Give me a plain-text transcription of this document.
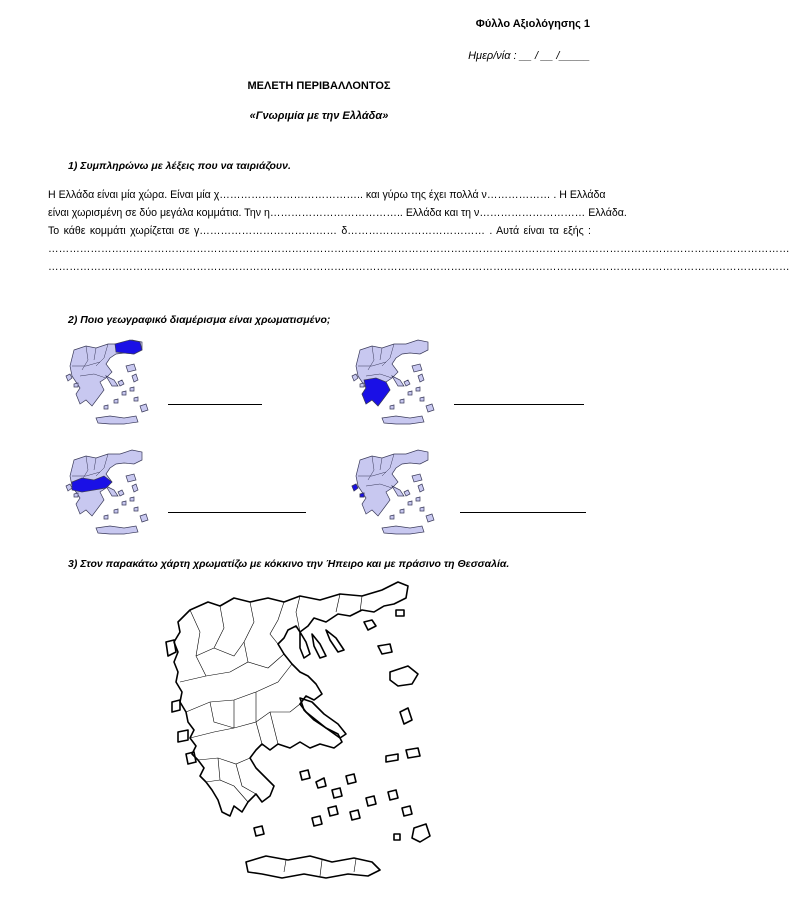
Φύλλο Αξιολόγησης 1
Ημερ/νία : __ / __ /_____
ΜΕΛΕΤΗ ΠΕΡΙΒΑΛΛΟΝΤΟΣ
«Γνωριμία με την Ελλάδα»
1) Συμπληρώνω με λέξεις που να ταιριάζουν.
Η Ελλάδα είναι μία χώρα. Είναι μία χ………………………………….. και γύρω της έχει πολλά ν……………… . Η Ελλάδα
είναι χωρισμένη σε δύο μεγάλα κομμάτια. Την η……………………………….. Ελλάδα και τη ν………………………… Ελλάδα.
Το κάθε κομμάτι χωρίζεται σε γ………………………………… δ………………………………… . Αυτά είναι τα εξής :
…………………………………………………………………………………………………………………………………………………………………………………………
…………………………………………………………………………………………………………………………………………………………………………………………
2) Ποιο γεωγραφικό διαμέρισμα είναι χρωματισμένο;
3) Στον παρακάτω χάρτη χρωματίζω με κόκκινο την Ήπειρο και με πράσινο τη Θεσσαλία.
